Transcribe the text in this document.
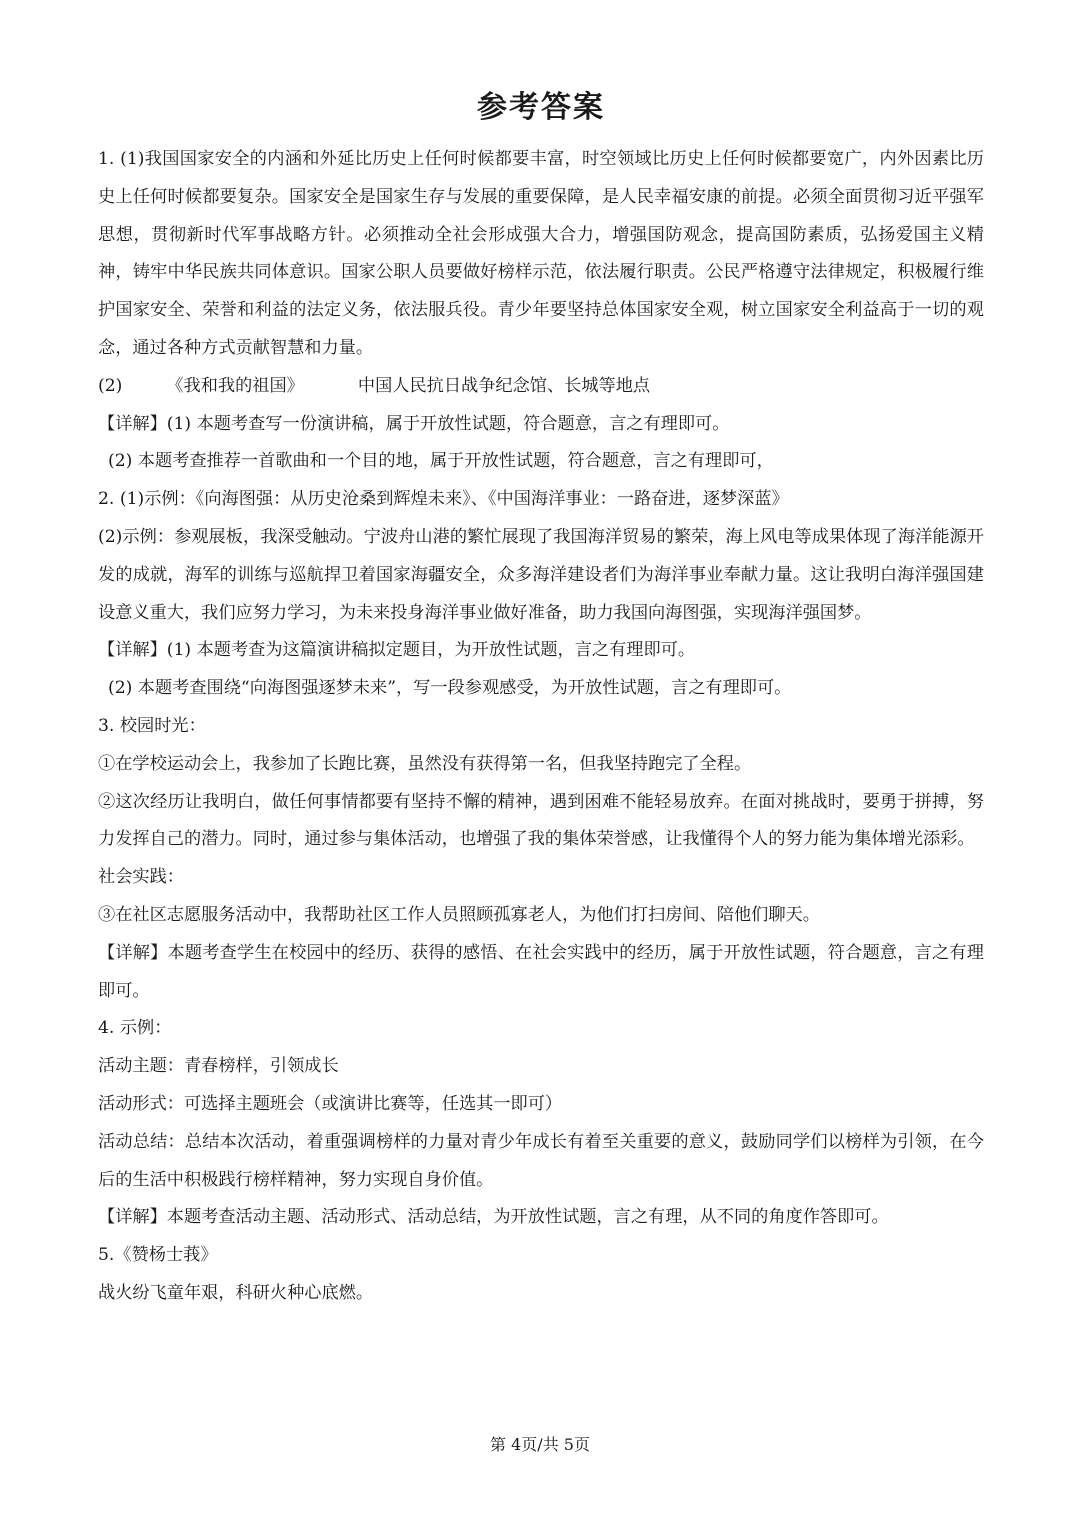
参考答案

1. (1)我国国家安全的内涵和外延比历史上任何时候都要丰富，时空领域比历史上任何时候都要宽广，内外因素比历史上任何时候都要复杂。国家安全是国家生存与发展的重要保障，是人民幸福安康的前提。必须全面贯彻习近平强军思想，贯彻新时代军事战略方针。必须推动全社会形成强大合力，增强国防观念，提高国防素质，弘扬爱国主义精神，铸牢中华民族共同体意识。国家公职人员要做好榜样示范，依法履行职责。公民严格遵守法律规定，积极履行维护国家安全、荣誉和利益的法定义务，依法服兵役。青少年要坚持总体国家安全观，树立国家安全利益高于一切的观念，通过各种方式贡献智慧和力量。

(2)	《我和我的祖国》	中国人民抗日战争纪念馆、长城等地点

【详解】(1) 本题考查写一份演讲稿，属于开放性试题，符合题意，言之有理即可。

(2) 本题考查推荐一首歌曲和一个目的地，属于开放性试题，符合题意，言之有理即可，

2. (1)示例：《向海图强：从历史沧桑到辉煌未来》、《中国海洋事业：一路奋进，逐梦深蓝》

(2)示例：参观展板，我深受触动。宁波舟山港的繁忙展现了我国海洋贸易的繁荣，海上风电等成果体现了海洋能源开发的成就，海军的训练与巡航捍卫着国家海疆安全，众多海洋建设者们为海洋事业奉献力量。这让我明白海洋强国建设意义重大，我们应努力学习，为未来投身海洋事业做好准备，助力我国向海图强，实现海洋强国梦。

【详解】(1) 本题考查为这篇演讲稿拟定题目，为开放性试题，言之有理即可。

(2) 本题考查围绕“向海图强逐梦未来”，写一段参观感受，为开放性试题，言之有理即可。

3. 校园时光：

①在学校运动会上，我参加了长跑比赛，虽然没有获得第一名，但我坚持跑完了全程。

②这次经历让我明白，做任何事情都要有坚持不懈的精神，遇到困难不能轻易放弃。在面对挑战时，要勇于拼搏，努力发挥自己的潜力。同时，通过参与集体活动，也增强了我的集体荣誉感，让我懂得个人的努力能为集体增光添彩。

社会实践：

③在社区志愿服务活动中，我帮助社区工作人员照顾孤寡老人，为他们打扫房间、陪他们聊天。

【详解】本题考查学生在校园中的经历、获得的感悟、在社会实践中的经历，属于开放性试题，符合题意，言之有理即可。

4. 示例：

活动主题：青春榜样，引领成长

活动形式：可选择主题班会（或演讲比赛等，任选其一即可）

活动总结：总结本次活动，着重强调榜样的力量对青少年成长有着至关重要的意义，鼓励同学们以榜样为引领，在今后的生活中积极践行榜样精神，努力实现自身价值。

【详解】本题考查活动主题、活动形式、活动总结，为开放性试题，言之有理，从不同的角度作答即可。

5.《赞杨士莪》

战火纷飞童年艰，科研火种心底燃。

第 4页/共 5页
